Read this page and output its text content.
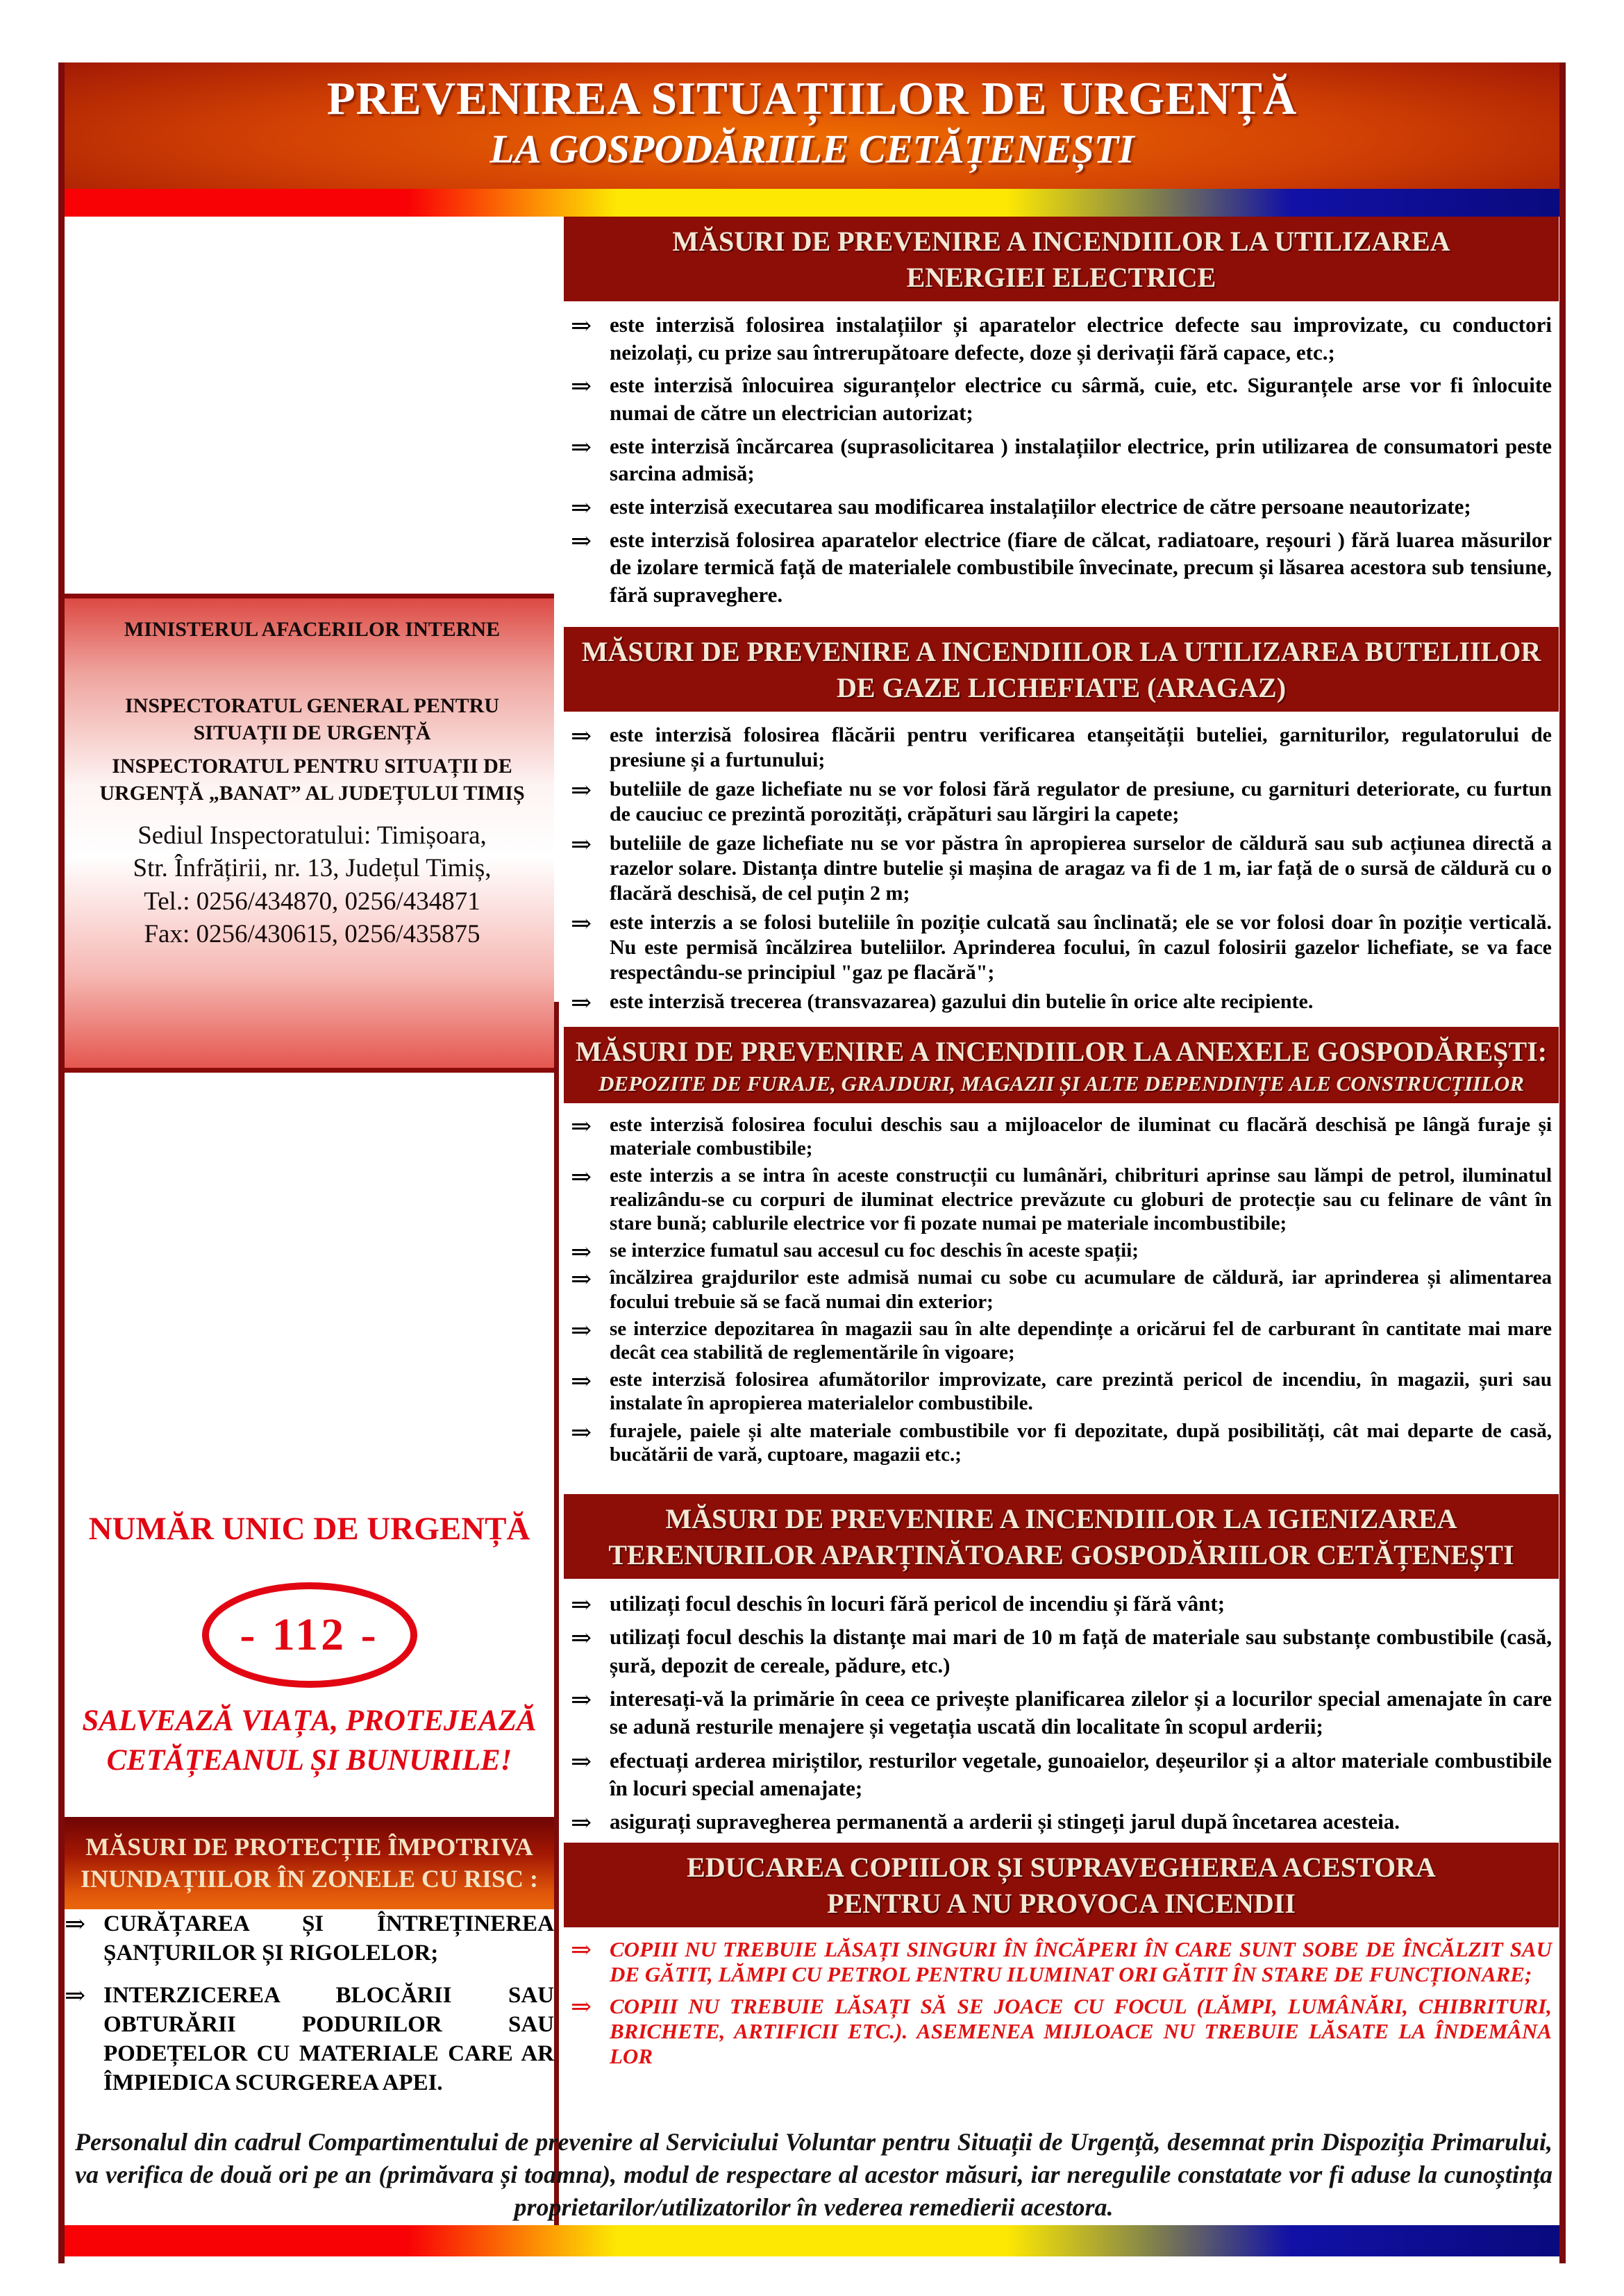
PREVENIREA SITUAȚIILOR DE URGENȚĂ
LA GOSPODĂRIILE CETĂȚENEȘTI
MINISTERUL AFACERILOR INTERNE
INSPECTORATUL GENERAL PENTRU SITUAȚII DE URGENȚĂ
INSPECTORATUL PENTRU SITUAȚII DE URGENȚĂ „BANAT” AL JUDEȚULUI TIMIȘ
Sediul Inspectoratului: Timișoara,
Str. Înfrățirii, nr. 13, Județul Timiș,
Tel.: 0256/434870, 0256/434871
Fax: 0256/430615, 0256/435875
NUMĂR UNIC DE URGENȚĂ
- 112 -
SALVEAZĂ VIAȚA, PROTEJEAZĂ CETĂȚEANUL ȘI BUNURILE!
MĂSURI DE PROTECȚIE ÎMPOTRIVA
INUNDAȚIILOR ÎN ZONELE CU RISC :
⇒ CURĂȚAREA ȘI ÎNTREȚINEREA ȘANȚURILOR ȘI RIGOLELOR;
⇒ INTERZICEREA BLOCĂRII SAU OBTURĂRII PODURILOR SAU PODEȚELOR CU MATERIALE CARE AR ÎMPIEDICA SCURGEREA APEI.
MĂSURI DE PREVENIRE A INCENDIILOR LA UTILIZAREA
ENERGIEI ELECTRICE
⇒ este interzisă folosirea instalațiilor și aparatelor electrice defecte sau improvizate, cu conductori neizolați, cu prize sau întrerupătoare defecte, doze și derivații fără capace, etc.;
⇒ este interzisă înlocuirea siguranțelor electrice cu sârmă, cuie, etc. Siguranțele arse vor fi înlocuite numai de către un electrician autorizat;
⇒ este interzisă încărcarea (suprasolicitarea ) instalațiilor electrice, prin utilizarea de consumatori peste sarcina admisă;
⇒ este interzisă executarea sau modificarea instalațiilor electrice de către persoane neautorizate;
⇒ este interzisă folosirea aparatelor electrice (fiare de călcat, radiatoare, reșouri ) fără luarea măsurilor de izolare termică față de materialele combustibile învecinate, precum și lăsarea acestora sub tensiune, fără supraveghere.
MĂSURI DE PREVENIRE A INCENDIILOR LA UTILIZAREA BUTELIILOR
DE GAZE LICHEFIATE (ARAGAZ)
⇒ este interzisă folosirea flăcării pentru verificarea etanșeității buteliei, garniturilor, regulatorului de presiune și a furtunului;
⇒ buteliile de gaze lichefiate nu se vor folosi fără regulator de presiune, cu garnituri deteriorate, cu furtun de cauciuc ce prezintă porozități, crăpături sau lărgiri la capete;
⇒ buteliile de gaze lichefiate nu se vor păstra în apropierea surselor de căldură sau sub acțiunea directă a razelor solare. Distanța dintre butelie și mașina de aragaz va fi de 1 m, iar față de o sursă de căldură cu o flacără deschisă, de cel puțin 2 m;
⇒ este interzis a se folosi buteliile în poziție culcată sau înclinată; ele se vor folosi doar în poziție verticală. Nu este permisă încălzirea buteliilor. Aprinderea focului, în cazul folosirii gazelor lichefiate, se va face respectându-se principiul "gaz pe flacără";
⇒ este interzisă trecerea (transvazarea) gazului din butelie în orice alte recipiente.
MĂSURI DE PREVENIRE A INCENDIILOR LA ANEXELE GOSPODĂREȘTI:
DEPOZITE DE FURAJE, GRAJDURI, MAGAZII ȘI ALTE DEPENDINȚE ALE CONSTRUCȚIILOR
⇒ este interzisă folosirea focului deschis sau a mijloacelor de iluminat cu flacără deschisă pe lângă furaje și materiale combustibile;
⇒ este interzis a se intra în aceste construcții cu lumânări, chibrituri aprinse sau lămpi de petrol, iluminatul realizându-se cu corpuri de iluminat electrice prevăzute cu globuri de protecție sau cu felinare de vânt în stare bună; cablurile electrice vor fi pozate numai pe materiale incombustibile;
⇒ se interzice fumatul sau accesul cu foc deschis în aceste spații;
⇒ încălzirea grajdurilor este admisă numai cu sobe cu acumulare de căldură, iar aprinderea și alimentarea focului trebuie să se facă numai din exterior;
⇒ se interzice depozitarea în magazii sau în alte dependințe a oricărui fel de carburant în cantitate mai mare decât cea stabilită de reglementările în vigoare;
⇒ este interzisă folosirea afumătorilor improvizate, care prezintă pericol de incendiu, în magazii, șuri sau instalate în apropierea materialelor combustibile.
⇒ furajele, paiele și alte materiale combustibile vor fi depozitate, după posibilități, cât mai departe de casă, bucătării de vară, cuptoare, magazii etc.;
MĂSURI DE PREVENIRE A INCENDIILOR LA IGIENIZAREA
TERENURILOR APARȚINĂTOARE GOSPODĂRIILOR CETĂȚENEȘTI
⇒ utilizați focul deschis în locuri fără pericol de incendiu și fără vânt;
⇒ utilizați focul deschis la distanțe mai mari de 10 m față de materiale sau substanțe combustibile (casă, șură, depozit de cereale, pădure, etc.)
⇒ interesați-vă la primărie în ceea ce privește planificarea zilelor și a locurilor special amenajate în care se adună resturile menajere și vegetația uscată din localitate în scopul arderii;
⇒ efectuați arderea miriștilor, resturilor vegetale, gunoaielor, deșeurilor și a altor materiale combustibile în locuri special amenajate;
⇒ asigurați supravegherea permanentă a arderii și stingeți jarul după încetarea acesteia.
EDUCAREA COPIILOR ȘI SUPRAVEGHEREA ACESTORA
PENTRU A NU PROVOCA INCENDII
⇒ COPIII NU TREBUIE LĂSAȚI SINGURI ÎN ÎNCĂPERI ÎN CARE SUNT SOBE DE ÎNCĂLZIT SAU DE GĂTIT, LĂMPI CU PETROL PENTRU ILUMINAT ORI GĂTIT ÎN STARE DE FUNCȚIONARE;
⇒ COPIII NU TREBUIE LĂSAȚI SĂ SE JOACE CU FOCUL (LĂMPI, LUMÂNĂRI, CHIBRITURI, BRICHETE, ARTIFICII ETC.). ASEMENEA MIJLOACE NU TREBUIE LĂSATE LA ÎNDEMÂNA LOR
Personalul din cadrul Compartimentului de prevenire al Serviciului Voluntar pentru Situații de Urgență, desemnat prin Dispoziția Primarului, va verifica de două ori pe an (primăvara și toamna), modul de respectare al acestor măsuri, iar neregulile constatate vor fi aduse la cunoștința proprietarilor/utilizatorilor în vederea remedierii acestora.
